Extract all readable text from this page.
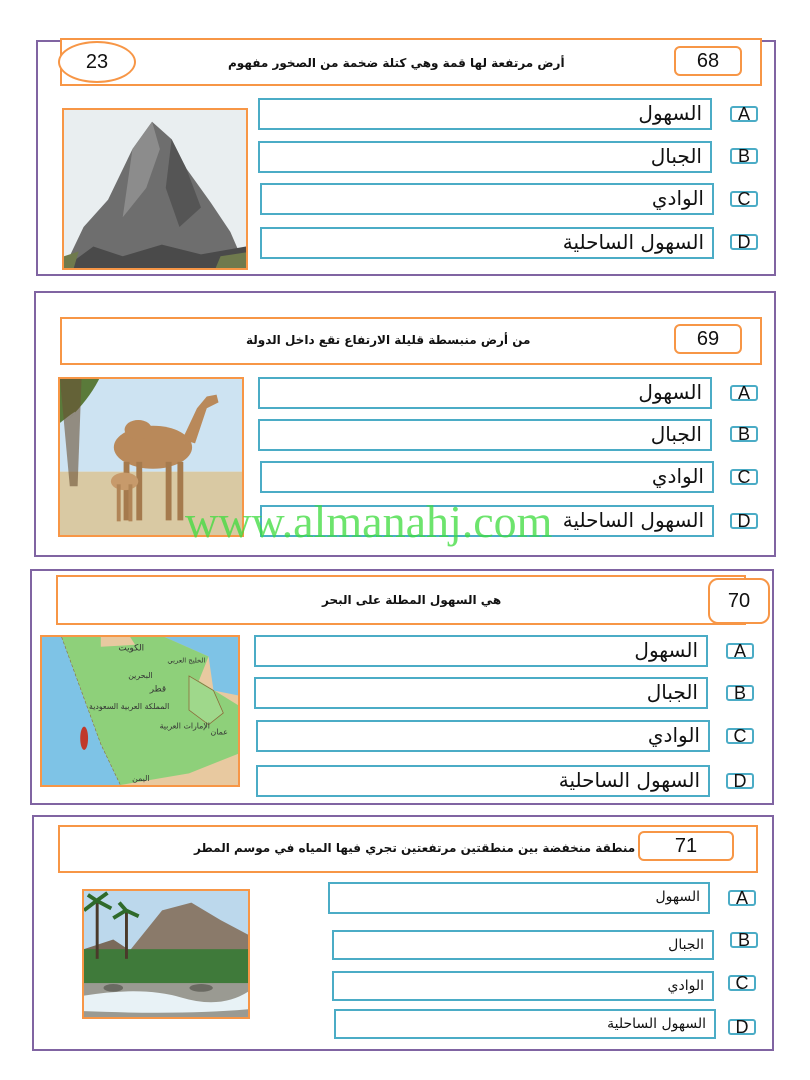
23	أرض مرتفعة لها قمة وهي كتلة ضخمة من الصخور مفهوم	68
السهول	A
الجبال	B
الوادي	C
السهول الساحلية	D
من أرض منبسطة قليلة الارتفاع تقع داخل الدولة	69
السهول	A
الجبال	B
الوادي	C
السهول الساحلية	D
هي السهول المطلة على البحر	70
الكويت
الخليج العربي
البحرين
قطر
المملكة العربية السعودية
الإمارات العربية
عمان
اليمن
السهول	A
الجبال	B
الوادي	C
السهول الساحلية	D
منطقة منخفضة بين منطقتين مرتفعتين تجري فيها المياه في موسم المطر	71
السهول	A
الجبال	B
الوادي	C
السهول الساحلية	D
www.almanahj.com
